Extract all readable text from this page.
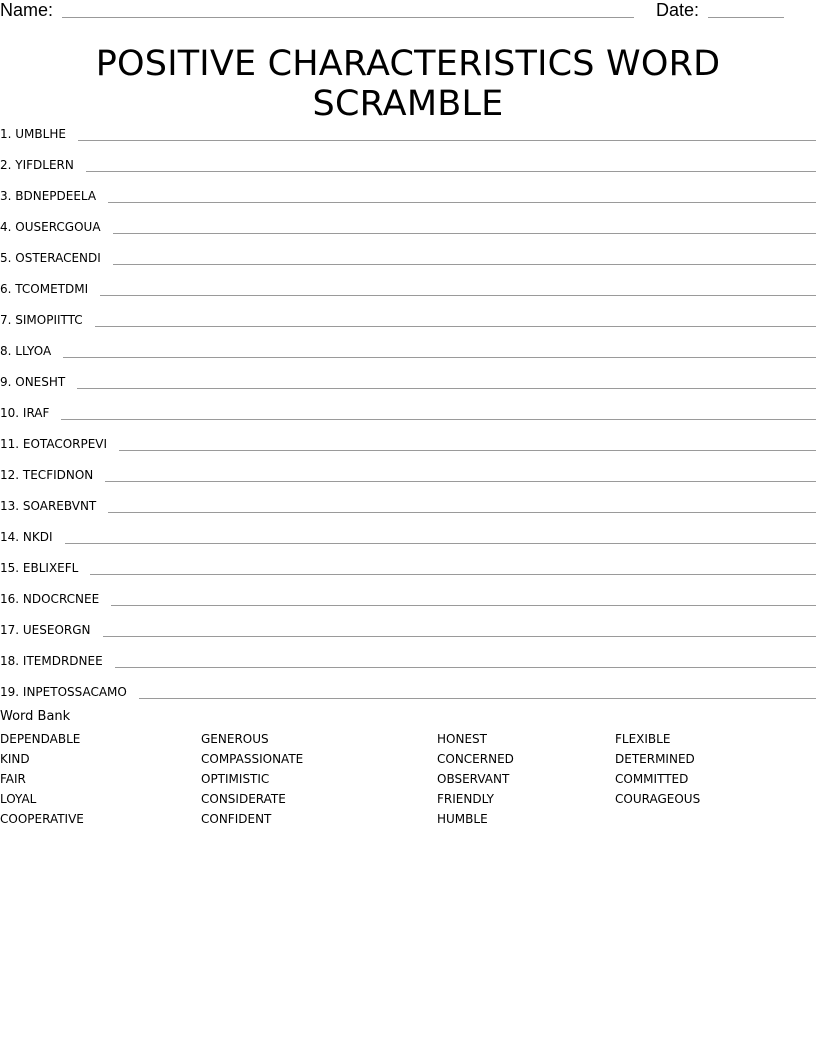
Name:	Date:
POSITIVE CHARACTERISTICS WORD SCRAMBLE
1. UMBLHE
2. YIFDLERN
3. BDNEPDEELA
4. OUSERCGOUA
5. OSTERACENDI
6. TCOMETDMI
7. SIMOPIITTC
8. LLYOA
9. ONESHT
10. IRAF
11. EOTACORPEVI
12. TECFIDNON
13. SOAREBVNT
14. NKDI
15. EBLIXEFL
16. NDOCRCNEE
17. UESEORGN
18. ITEMDRDNEE
19. INPETOSSACAMO
Word Bank
DEPENDABLE
KIND
FAIR
LOYAL
COOPERATIVE
GENEROUS
COMPASSIONATE
OPTIMISTIC
CONSIDERATE
CONFIDENT
HONEST
CONCERNED
OBSERVANT
FRIENDLY
HUMBLE
FLEXIBLE
DETERMINED
COMMITTED
COURAGEOUS
